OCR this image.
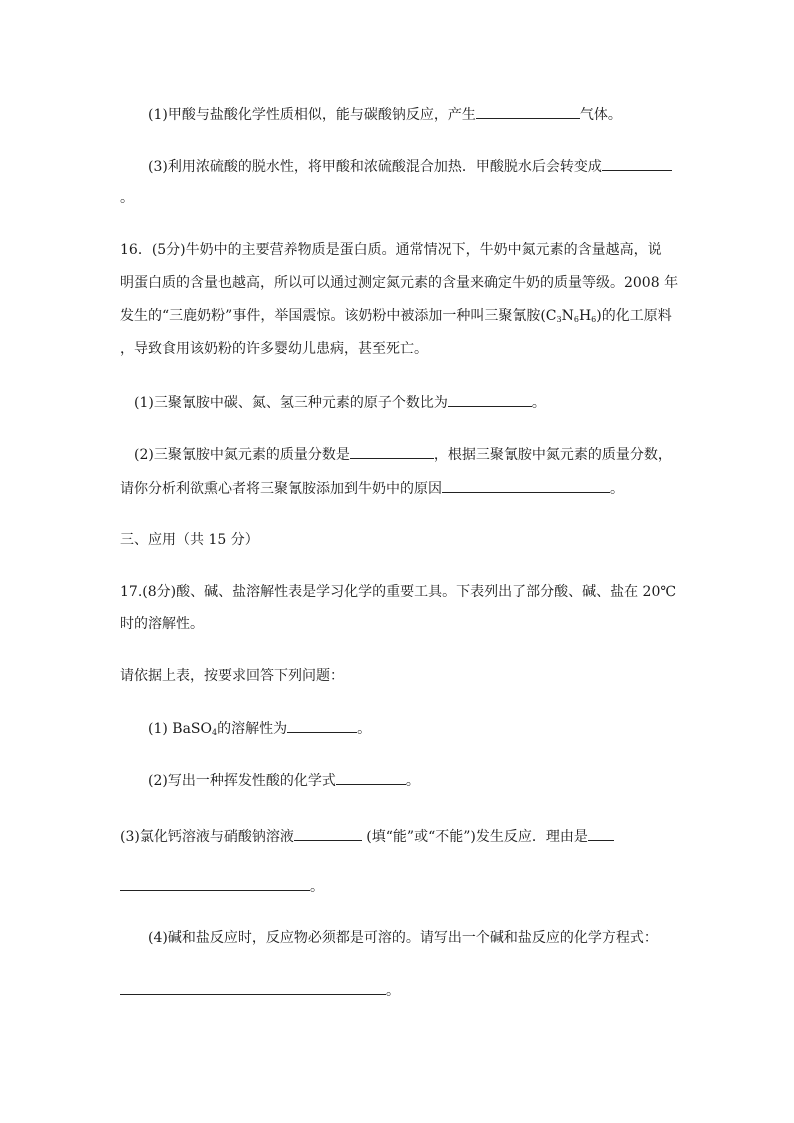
(1)甲酸与盐酸化学性质相似，能与碳酸钠反应，产生	气体。
(3)利用浓硫酸的脱水性，将甲酸和浓硫酸混合加热．甲酸脱水后会转变成
。
16．(5分)牛奶中的主要营养物质是蛋白质。通常情况下，牛奶中氮元素的含量越高，说
明蛋白质的含量也越高，所以可以通过测定氮元素的含量来确定牛奶的质量等级。2008 年
发生的“三鹿奶粉”事件，举国震惊。该奶粉中被添加一种叫三聚氰胺$(C_3N_6H_6)$的化工原料
，导致食用该奶粉的许多婴幼儿患病，甚至死亡。
(1)三聚氰胺中碳、氮、氢三种元素的原子个数比为	。
(2)三聚氰胺中氮元素的质量分数是	，根据三聚氰胺中氮元素的质量分数，
请你分析利欲熏心者将三聚氰胺添加到牛奶中的原因	。
三、应用（共 15 分）
17.(8分)酸、碱、盐溶解性表是学习化学的重要工具。下表列出了部分酸、碱、盐在 20℃
时的溶解性。
请依据上表，按要求回答下列问题：
(1) BaSO$_4$的溶解性为	。
(2)写出一种挥发性酸的化学式	。
(3)氯化钙溶液与硝酸钠溶液	(填“能”或“不能”)发生反应．理由是
。
(4)碱和盐反应时，反应物必须都是可溶的。请写出一个碱和盐反应的化学方程式：
。
